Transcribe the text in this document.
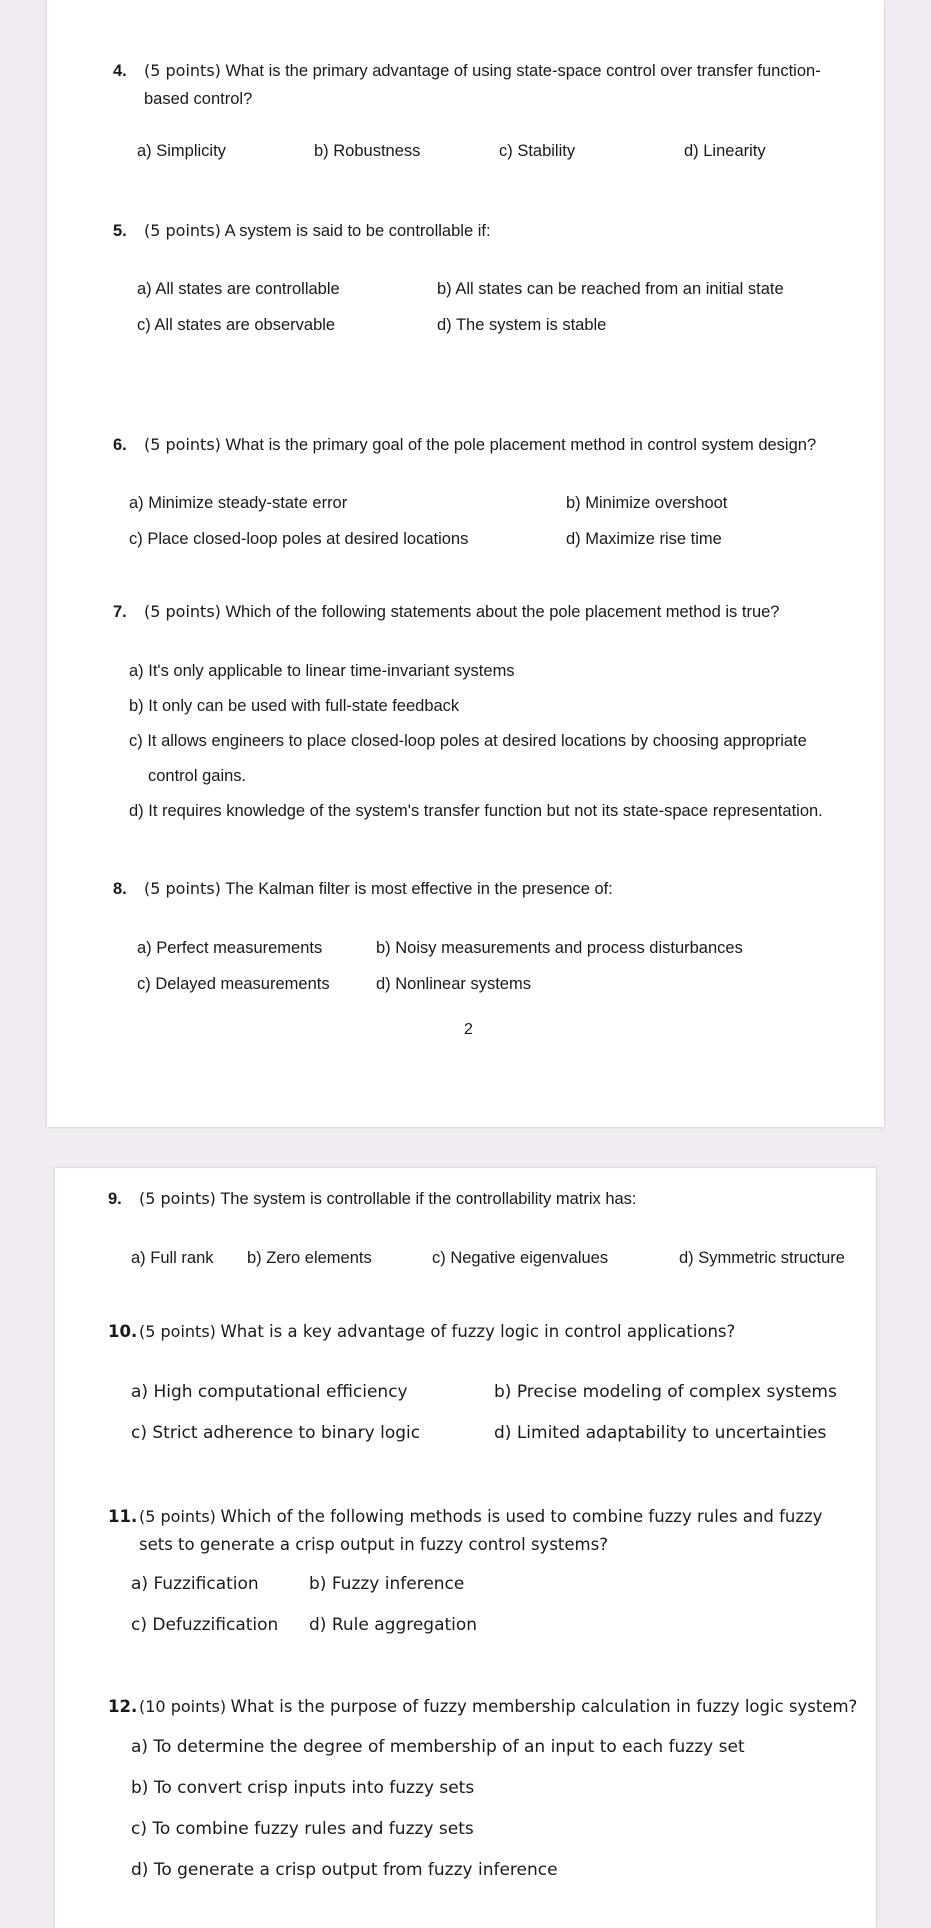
4. (5 points) What is the primary advantage of using state-space control over transfer function-
based control?
a) Simplicity	b) Robustness	c) Stability	d) Linearity
5. (5 points) A system is said to be controllable if:
a) All states are controllable	b) All states can be reached from an initial state
c) All states are observable	d) The system is stable
6. (5 points) What is the primary goal of the pole placement method in control system design?
a) Minimize steady-state error	b) Minimize overshoot
c) Place closed-loop poles at desired locations	d) Maximize rise time
7. (5 points) Which of the following statements about the pole placement method is true?
a) It's only applicable to linear time-invariant systems
b) It only can be used with full-state feedback
c) It allows engineers to place closed-loop poles at desired locations by choosing appropriate
control gains.
d) It requires knowledge of the system's transfer function but not its state-space representation.
8. (5 points) The Kalman filter is most effective in the presence of:
a) Perfect measurements	b) Noisy measurements and process disturbances
c) Delayed measurements	d) Nonlinear systems
2
9. (5 points) The system is controllable if the controllability matrix has:
a) Full rank b) Zero elements	c) Negative eigenvalues	d) Symmetric structure
10. (5 points) What is a key advantage of fuzzy logic in control applications?
a) High computational efficiency	b) Precise modeling of complex systems
c) Strict adherence to binary logic	d) Limited adaptability to uncertainties
11. (5 points) Which of the following methods is used to combine fuzzy rules and fuzzy
sets to generate a crisp output in fuzzy control systems?
a) Fuzzification	b) Fuzzy inference
c) Defuzzification d) Rule aggregation
12. (10 points) What is the purpose of fuzzy membership calculation in fuzzy logic system?
a) To determine the degree of membership of an input to each fuzzy set
b) To convert crisp inputs into fuzzy sets
c) To combine fuzzy rules and fuzzy sets
d) To generate a crisp output from fuzzy inference
